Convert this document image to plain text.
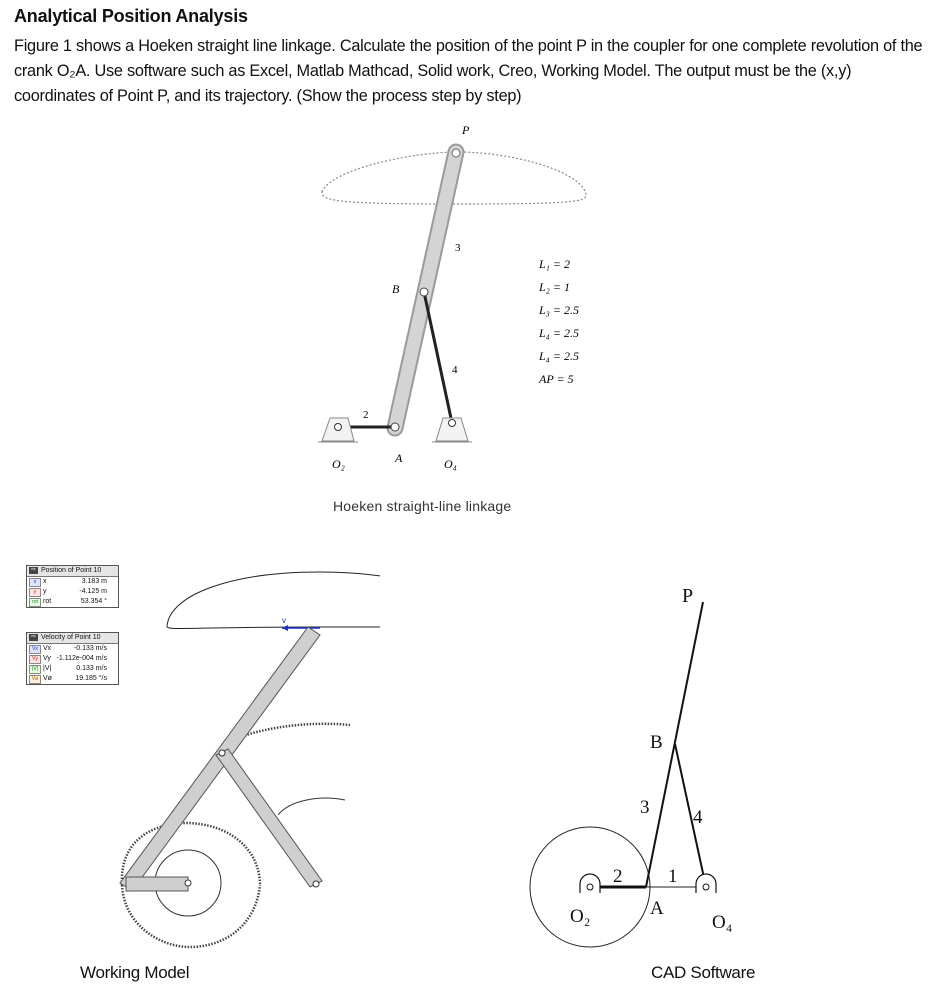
Analytical Position Analysis

Figure 1 shows a Hoeken straight line linkage. Calculate the position of the point P in the coupler for one complete revolution of the crank O₂A. Use software such as Excel, Matlab Mathcad, Solid work, Creo, Working Model. The output must be the (x,y) coordinates of Point P, and its trajectory. (Show the process step by step)

P
B
A
O₂	O₄
2
3
4
L₁ = 2
L₂ = 1
L₃ = 2.5
L₄ = 2.5
L₄ = 2.5
AP = 5
Hoeken straight-line linkage
v
⇨ Position of Point 10
x x	3.183 m
y y	-4.125 m
rot rot	53.354 °
⇨ Velocity of Point 10
Vx Vx	-0.133 m/s
Vy Vy -1.112e-004 m/s
|V| |V|	0.133 m/s
Vø Vø	19.185 °/s
P
B
A
O₂	O₄
1
2
3 4
Working Model	CAD Software
